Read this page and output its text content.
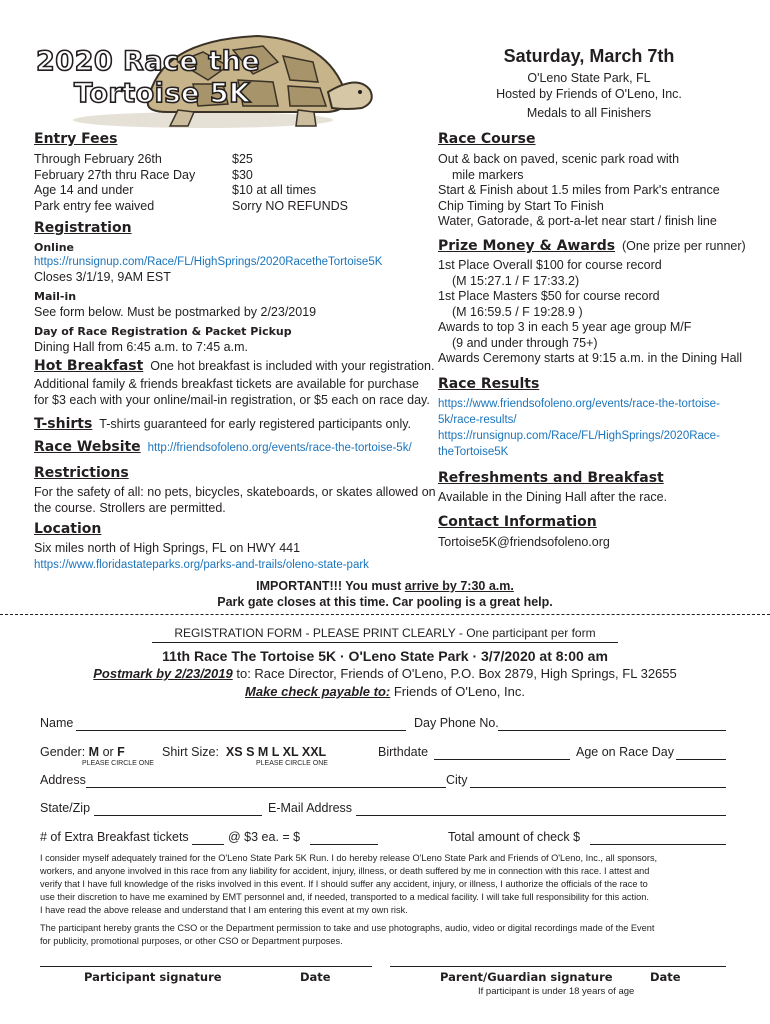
2020 Race the
Tortoise 5K
Saturday, March 7th
O'Leno State Park, FL
Hosted by Friends of O'Leno, Inc.
Medals to all Finishers
Entry Fees
Through February 26th	$25
February 27th thru Race Day	$30
Age 14 and under	$10 at all times
Park entry fee waived	Sorry NO REFUNDS
Registration
Online
https://runsignup.com/Race/FL/HighSprings/2020RacetheTortoise5K
Closes 3/1/19, 9AM EST
Mail-in
See form below. Must be postmarked by 2/23/2019
Day of Race Registration & Packet Pickup
Dining Hall from 6:45 a.m. to 7:45 a.m.
Hot Breakfast One hot breakfast is included with your registration.
Additional family & friends breakfast tickets are available for purchase
for $3 each with your online/mail-in registration, or $5 each on race day.
T-shirts T-shirts guaranteed for early registered participants only.
Race Website http://friendsofoleno.org/events/race-the-tortoise-5k/
Restrictions
For the safety of all: no pets, bicycles, skateboards, or skates allowed on
the course. Strollers are permitted.
Location
Six miles north of High Springs, FL on HWY 441
https://www.floridastateparks.org/parks-and-trails/oleno-state-park
Race Course
Out & back on paved, scenic park road with
mile markers
Start & Finish about 1.5 miles from Park's entrance
Chip Timing by Start To Finish
Water, Gatorade, & port-a-let near start / finish line
Prize Money & Awards (One prize per runner)
1st Place Overall $100 for course record
(M 15:27.1 / F 17:33.2)
1st Place Masters $50 for course record
(M 16:59.5 / F 19:28.9 )
Awards to top 3 in each 5 year age group M/F
(9 and under through 75+)
Awards Ceremony starts at 9:15 a.m. in the Dining Hall
Race Results
https://www.friendsofoleno.org/events/race-the-tortoise-
5k/race-results/
https://runsignup.com/Race/FL/HighSprings/2020Race-
theTortoise5K
Refreshments and Breakfast
Available in the Dining Hall after the race.
Contact Information
Tortoise5K@friendsofoleno.org
IMPORTANT!!! You must arrive by 7:30 a.m.
Park gate closes at this time. Car pooling is a great help.
REGISTRATION FORM - PLEASE PRINT CLEARLY - One participant per form
11th Race The Tortoise 5K · O'Leno State Park · 3/7/2020 at 8:00 am
Postmark by 2/23/2019 to: Race Director, Friends of O'Leno, P.O. Box 2879, High Springs, FL 32655
Make check payable to: Friends of O'Leno, Inc.
Name	Day Phone No.
Gender: M or F
PLEASE CIRCLE ONE
Shirt Size: XS S M L XL XXL
PLEASE CIRCLE ONE
Birthdate	Age on Race Day
Address	City
State/Zip	E-Mail Address
# of Extra Breakfast tickets	@ $3 ea. = $	Total amount of check $
I consider myself adequately trained for the O'Leno State Park 5K Run. I do hereby release O'Leno State Park and Friends of O'Leno, Inc., all sponsors,
workers, and anyone involved in this race from any liability for accident, injury, illness, or death suffered by me in connection with this race. I attest and
verify that I have full knowledge of the risks involved in this event. If I should suffer any accident, injury, or illness, I authorize the officials of the race to
use their discretion to have me examined by EMT personnel and, if needed, transported to a medical facility. I will take full responsibility for this action.
I have read the above release and understand that I am entering this event at my own risk.
The participant hereby grants the CSO or the Department permission to take and use photographs, audio, video or digital recordings made of the Event
for publicity, promotional purposes, or other CSO or Department purposes.
Participant signature	Date	Parent/Guardian signature	Date
If participant is under 18 years of age
